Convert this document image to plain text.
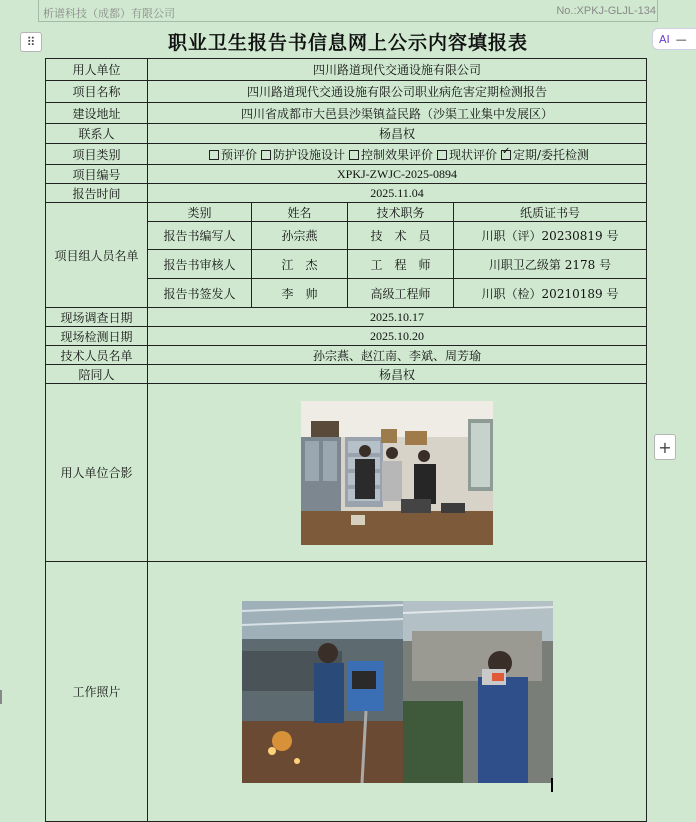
析谱科技（成都）有限公司	No.:XPKJ-GLJL-134
⠿	AI —
+
职业卫生报告书信息网上公示内容填报表
用人单位	四川路道现代交通设施有限公司			
项目名称	四川路道现代交通设施有限公司职业病危害定期检测报告			
建设地址	四川省成都市大邑县沙渠镇益民路（沙渠工业集中发展区）			
联系人	杨昌权			
项目类别	预评价 防护设施设计 控制效果评价 现状评价 ✓ 定期/委托检测
项目编号	XPKJ-ZWJC-2025-0894			
报告时间	2025.11.04			
项目组人员名单	类别	姓名	技术职务	纸质证书号
	报告书编写人	孙宗燕	技　术　员	川职（评）20230819 号
	报告书审核人	江　杰	工　程　师	川职卫乙级第 2178 号
	报告书签发人	李　帅	高级工程师	川职（检）20210189 号
现场调查日期	2025.10.17			
现场检测日期	2025.10.20			
技术人员名单	孙宗燕、赵江南、李斌、周芳瑜			
陪同人	杨昌权			
用人单位合影	

工作照片	
